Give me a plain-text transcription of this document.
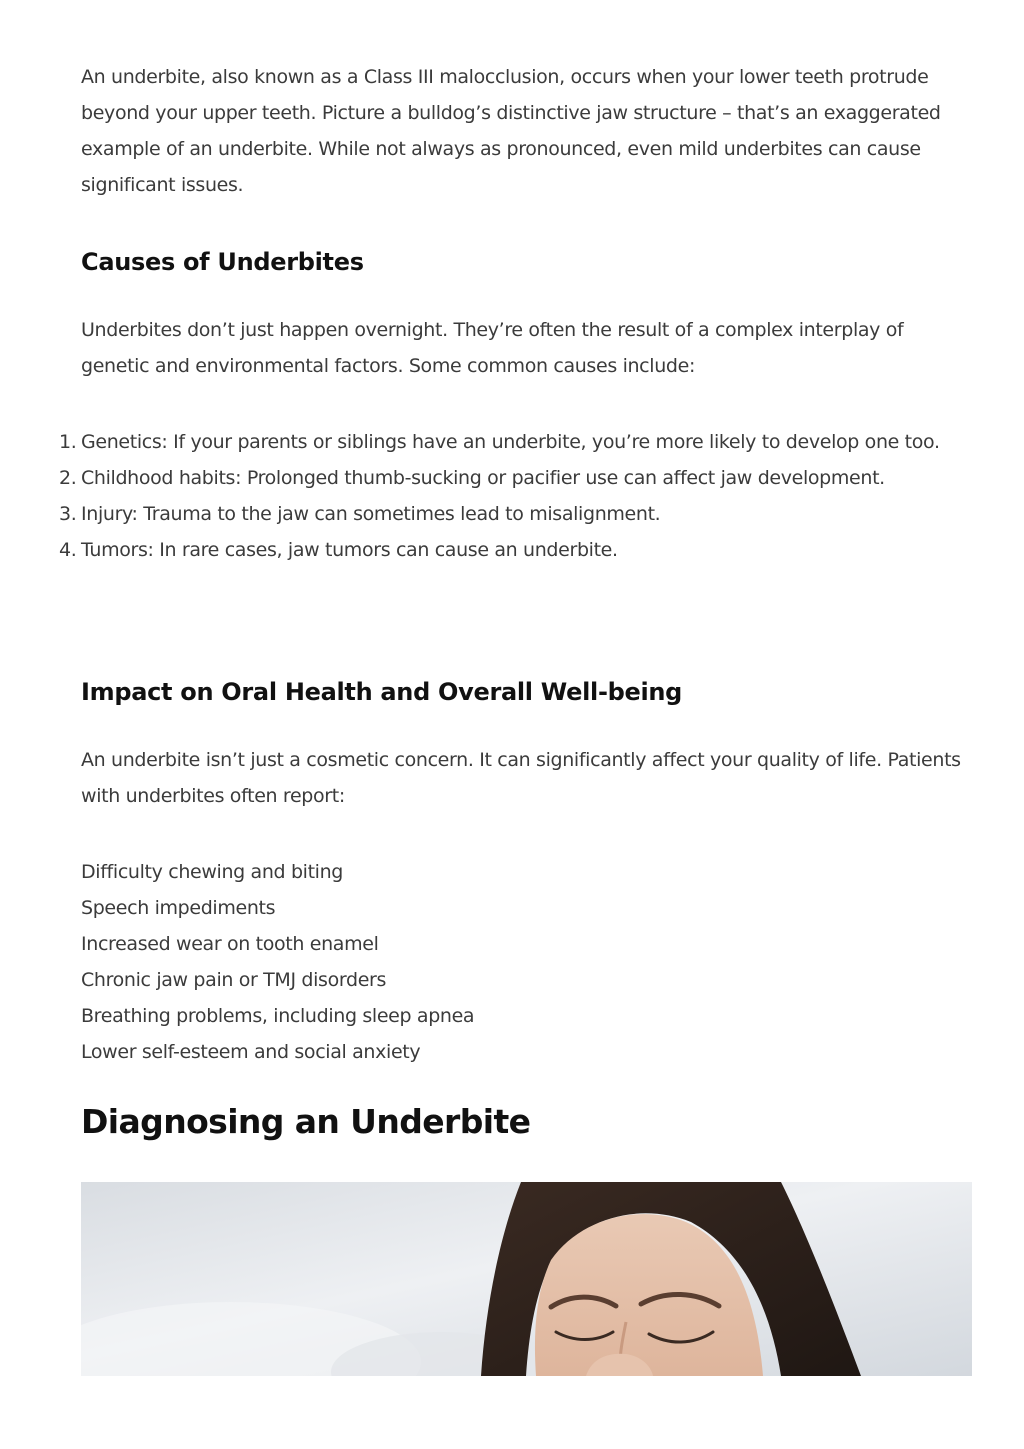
An underbite, also known as a Class III malocclusion, occurs when your lower teeth protrude beyond your upper teeth. Picture a bulldog’s distinctive jaw structure – that’s an exaggerated example of an underbite. While not always as pronounced, even mild underbites can cause significant issues.

Causes of Underbites

Underbites don’t just happen overnight. They’re often the result of a complex interplay of genetic and environmental factors. Some common causes include:

1. Genetics: If your parents or siblings have an underbite, you’re more likely to develop one too.
2. Childhood habits: Prolonged thumb-sucking or pacifier use can affect jaw development.
3. Injury: Trauma to the jaw can sometimes lead to misalignment.
4. Tumors: In rare cases, jaw tumors can cause an underbite.
Impact on Oral Health and Overall Well-being

An underbite isn’t just a cosmetic concern. It can significantly affect your quality of life. Patients with underbites often report:

Difficulty chewing and biting
Speech impediments
Increased wear on tooth enamel
Chronic jaw pain or TMJ disorders
Breathing problems, including sleep apnea
Lower self-esteem and social anxiety
Diagnosing an Underbite
